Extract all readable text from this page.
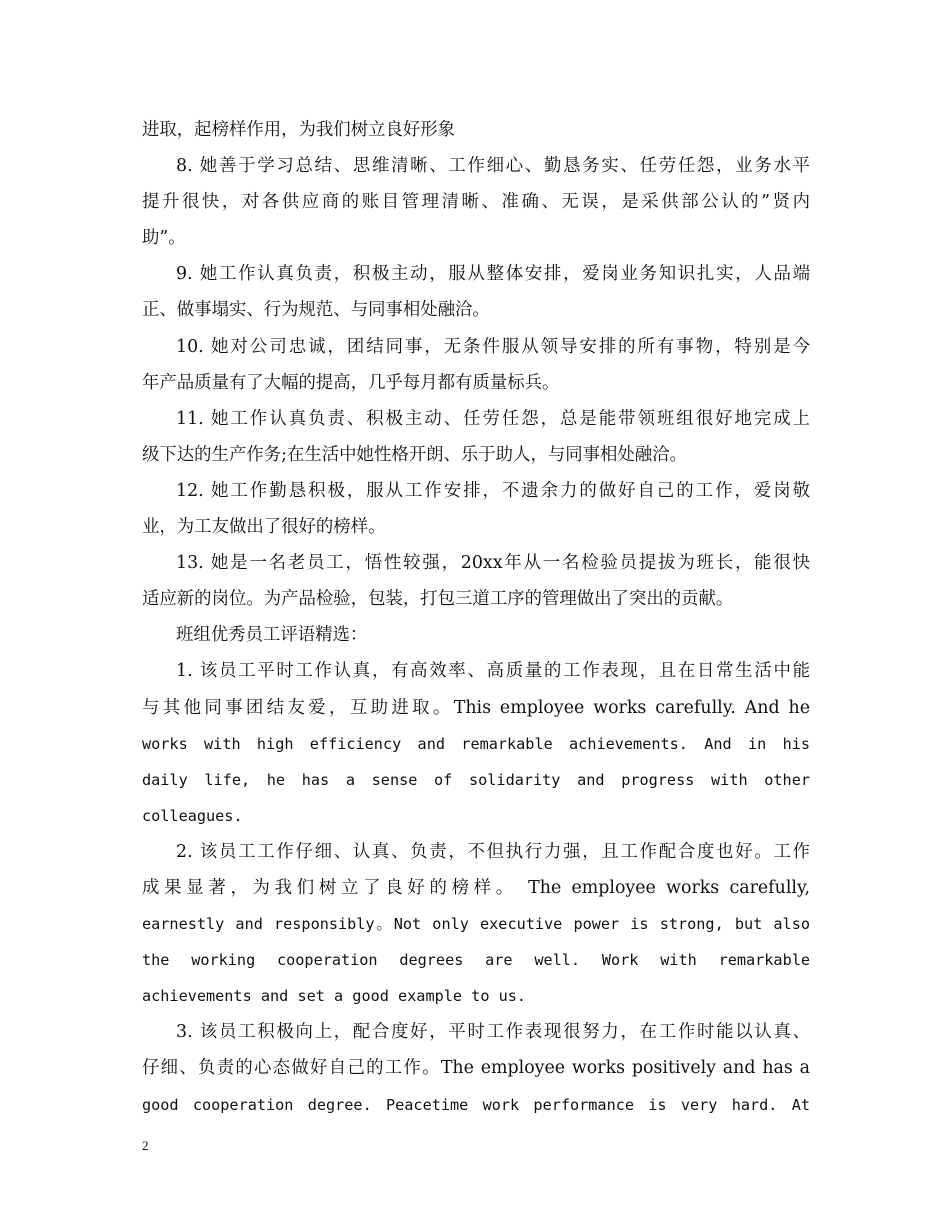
进取，起榜样作用，为我们树立良好形象
8. 她善于学习总结、思维清晰、工作细心、勤恳务实、任劳任怨，业务水平
提升很快，对各供应商的账目管理清晰、准确、无误，是采供部公认的”贤内
助”。
9. 她工作认真负责，积极主动，服从整体安排，爱岗业务知识扎实，人品端
正、做事塌实、行为规范、与同事相处融洽。
10. 她对公司忠诚，团结同事，无条件服从领导安排的所有事物，特别是今
年产品质量有了大幅的提高，几乎每月都有质量标兵。
11. 她工作认真负责、积极主动、任劳任怨，总是能带领班组很好地完成上
级下达的生产作务;在生活中她性格开朗、乐于助人，与同事相处融洽。
12. 她工作勤恳积极，服从工作安排，不遗余力的做好自己的工作，爱岗敬
业，为工友做出了很好的榜样。
13. 她是一名老员工，悟性较强，20xx年从一名检验员提拔为班长，能很快
适应新的岗位。为产品检验，包装，打包三道工序的管理做出了突出的贡献。
班组优秀员工评语精选：
1. 该员工平时工作认真，有高效率、高质量的工作表现，且在日常生活中能
与其他同事团结友爱，互助进取。This employee works carefully. And he
works with high efficiency and remarkable achievements. And in his
daily life, he has a sense of solidarity and progress with other
colleagues.
2. 该员工工作仔细、认真、负责，不但执行力强，且工作配合度也好。工作
成果显著，为我们树立了良好的榜样。 The employee works carefully,
earnestly and responsibly。Not only executive power is strong, but also
the working cooperation degrees are well. Work with remarkable
achievements and set a good example to us.
3. 该员工积极向上，配合度好，平时工作表现很努力，在工作时能以认真、
仔细、负责的心态做好自己的工作。The employee works positively and has a
good cooperation degree. Peacetime work performance is very hard. At
2
